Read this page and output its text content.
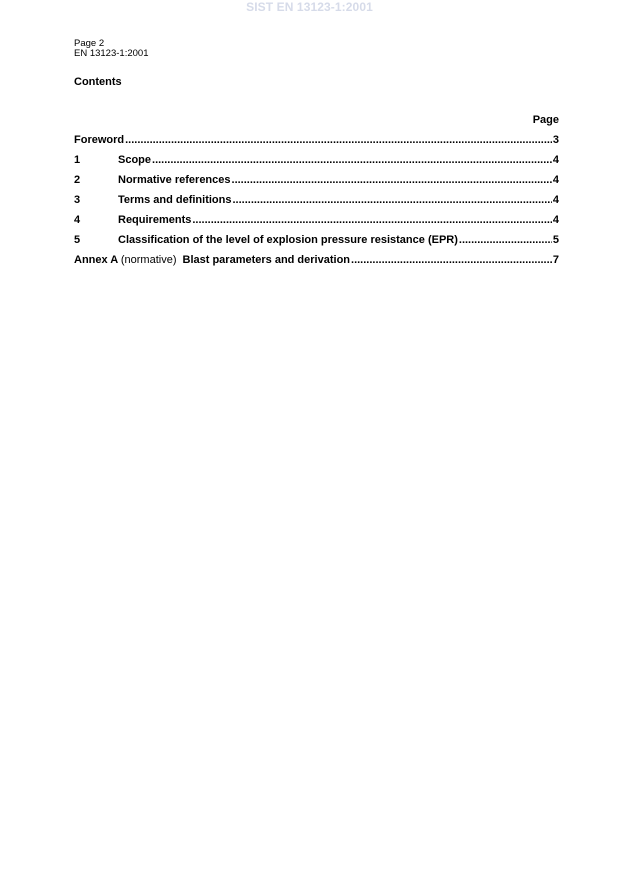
SIST EN 13123-1:2001
Page 2
EN 13123-1:2001
Contents
Page
Foreword .....	3
1	Scope .....	4
2	Normative references .....	4
3	Terms and definitions .....	4
4	Requirements .....	4
5	Classification of the level of explosion pressure resistance (EPR) .....	5
Annex A (normative) Blast parameters and derivation .....	7
